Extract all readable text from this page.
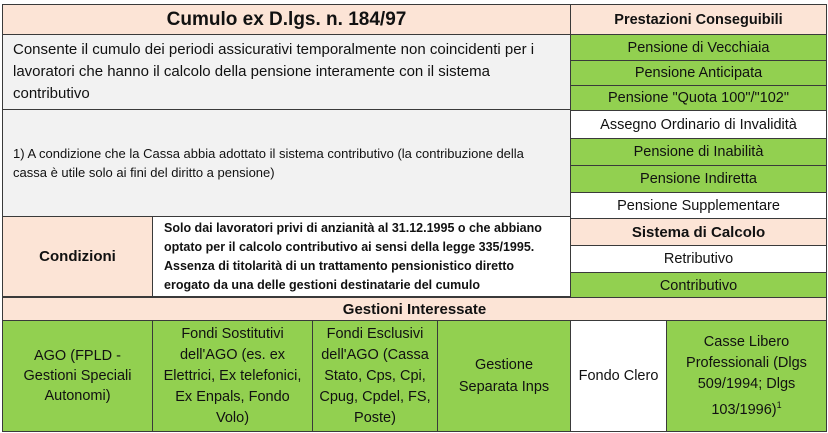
Cumulo ex D.lgs. n. 184/97	Prestazioni Conseguibili
Consente il cumulo dei periodi assicurativi temporalmente non coincidenti per i lavoratori che hanno il calcolo della pensione interamente con il sistema contributivo
1) A condizione che la Cassa abbia adottato il sistema contributivo (la contribuzione della cassa è utile solo ai fini del diritto a pensione)
Pensione di Vecchiaia
Pensione Anticipata
Pensione "Quota 100"/"102"
Assegno Ordinario di Invalidità
Pensione di Inabilità
Pensione Indiretta
Pensione Supplementare
Condizioni
Solo dai lavoratori privi di anzianità al 31.12.1995 o che abbiano optato per il calcolo contributivo ai sensi della legge 335/1995. Assenza di titolarità di un trattamento pensionistico diretto erogato da una delle gestioni destinatarie del cumulo
Sistema di Calcolo
Retributivo
Contributivo
Gestioni Interessate
AGO (FPLD - Gestioni Speciali Autonomi)
Fondi Sostitutivi dell'AGO (es. ex Elettrici, Ex telefonici, Ex Enpals, Fondo Volo)
Fondi Esclusivi dell'AGO (Cassa Stato, Cps, Cpi, Cpug, Cpdel, FS, Poste)
Gestione Separata Inps
Fondo Clero
Casse Libero Professionali (Dlgs 509/1994; Dlgs 103/1996)$^1$
